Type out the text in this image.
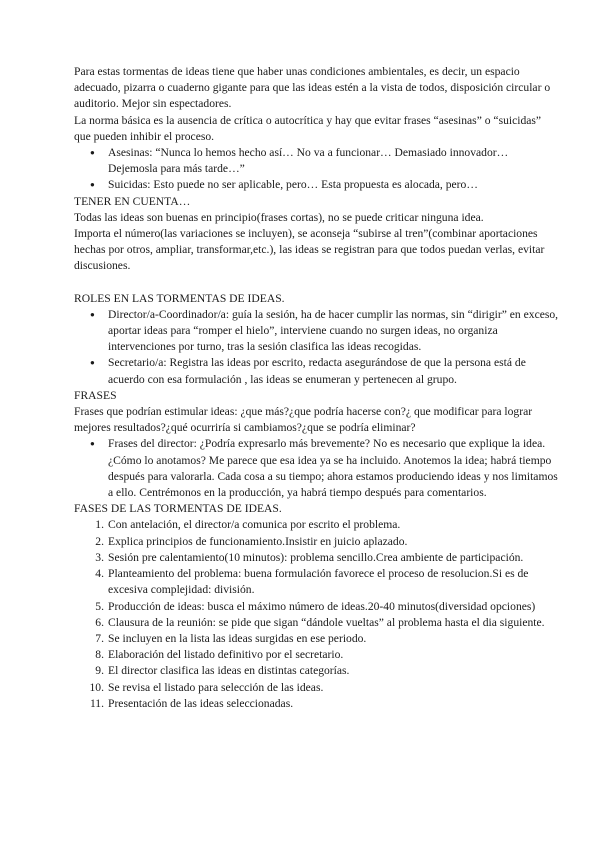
Para estas tormentas de ideas tiene que haber unas condiciones ambientales, es decir, un espacio adecuado, pizarra o cuaderno gigante para que las ideas estén a la vista de todos, disposición circular o auditorio. Mejor sin espectadores.

La norma básica es la ausencia de crítica o autocrítica y hay que evitar frases “asesinas” o “suicidas” que pueden inhibir el proceso.

● Asesinas: “Nunca lo hemos hecho así… No va a funcionar… Demasiado innovador… Dejemosla para más tarde…”
● Suicidas: Esto puede no ser aplicable, pero… Esta propuesta es alocada, pero…

TENER EN CUENTA…

Todas las ideas son buenas en principio(frases cortas), no se puede criticar ninguna idea.

Importa el número(las variaciones se incluyen), se aconseja “subirse al tren”(combinar aportaciones hechas por otros, ampliar, transformar,etc.), las ideas se registran para que todos puedan verlas, evitar discusiones.

ROLES EN LAS TORMENTAS DE IDEAS.

● Director/a-Coordinador/a: guía la sesión, ha de hacer cumplir las normas, sin “dirigir” en exceso, aportar ideas para “romper el hielo”, interviene cuando no surgen ideas, no organiza intervenciones por turno, tras la sesión clasifica las ideas recogidas.
● Secretario/a: Registra las ideas por escrito, redacta asegurándose de que la persona está de acuerdo con esa formulación , las ideas se enumeran y pertenecen al grupo.

FRASES

Frases que podrían estimular ideas: ¿que más?¿que podría hacerse con?¿ que modificar para lograr mejores resultados?¿qué ocurriría si cambiamos?¿que se podría eliminar?

● Frases del director: ¿Podría expresarlo más brevemente? No es necesario que explique la idea. ¿Cómo lo anotamos? Me parece que esa idea ya se ha incluido. Anotemos la idea; habrá tiempo después para valorarla. Cada cosa a su tiempo; ahora estamos produciendo ideas y nos limitamos a ello. Centrémonos en la producción, ya habrá tiempo después para comentarios.

FASES DE LAS TORMENTAS DE IDEAS.

1. Con antelación, el director/a comunica por escrito el problema.
2. Explica principios de funcionamiento.Insistir en juicio aplazado.
3. Sesión pre calentamiento(10 minutos): problema sencillo.Crea ambiente de participación.
4. Planteamiento del problema: buena formulación favorece el proceso de resolucion.Si es de excesiva complejidad: división.
5. Producción de ideas: busca el máximo número de ideas.20-40 minutos(diversidad opciones)
6. Clausura de la reunión: se pide que sigan “dándole vueltas” al problema hasta el dia siguiente.
7. Se incluyen en la lista las ideas surgidas en ese periodo.
8. Elaboración del listado definitivo por el secretario.
9. El director clasifica las ideas en distintas categorías.
10. Se revisa el listado para selección de las ideas.
11. Presentación de las ideas seleccionadas.
